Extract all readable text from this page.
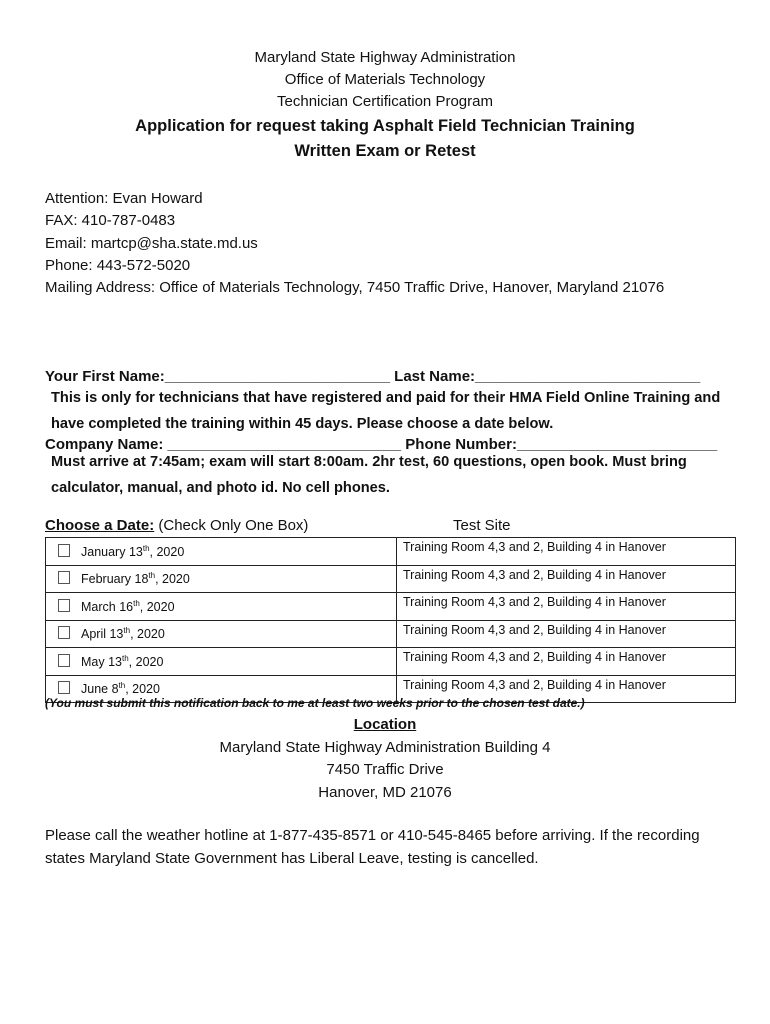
Maryland State Highway Administration
Office of Materials Technology
Technician Certification Program
Application for request taking Asphalt Field Technician Training
Written Exam or Retest
Attention: Evan Howard
FAX: 410-787-0483
Email: martcp@sha.state.md.us
Phone: 443-572-5020
Mailing Address: Office of Materials Technology, 7450 Traffic Drive, Hanover, Maryland 21076

Your First Name:___________________________ Last Name:___________________________

Company Name: ____________________________ Phone Number:________________________

This is only for technicians that have registered and paid for their HMA Field Online Training and have completed the training within 45 days. Please choose a date below.
Must arrive at 7:45am; exam will start 8:00am. 2hr test, 60 questions, open book. Must bring calculator, manual, and photo id. No cell phones.
Choose a Date: (Check Only One Box)	Test Site
January 13th, 2020	Training Room 4,3 and 2, Building 4 in Hanover
February 18th, 2020	Training Room 4,3 and 2, Building 4 in Hanover
March 16th, 2020	Training Room 4,3 and 2, Building 4 in Hanover
April 13th, 2020	Training Room 4,3 and 2, Building 4 in Hanover
May 13th, 2020	Training Room 4,3 and 2, Building 4 in Hanover
June 8th, 2020	Training Room 4,3 and 2, Building 4 in Hanover
(You must submit this notification back to me at least two weeks prior to the chosen test date.)
Location
Maryland State Highway Administration Building 4
7450 Traffic Drive
Hanover, MD 21076
Please call the weather hotline at 1-877-435-8571 or 410-545-8465 before arriving. If the recording states Maryland State Government has Liberal Leave, testing is cancelled.
